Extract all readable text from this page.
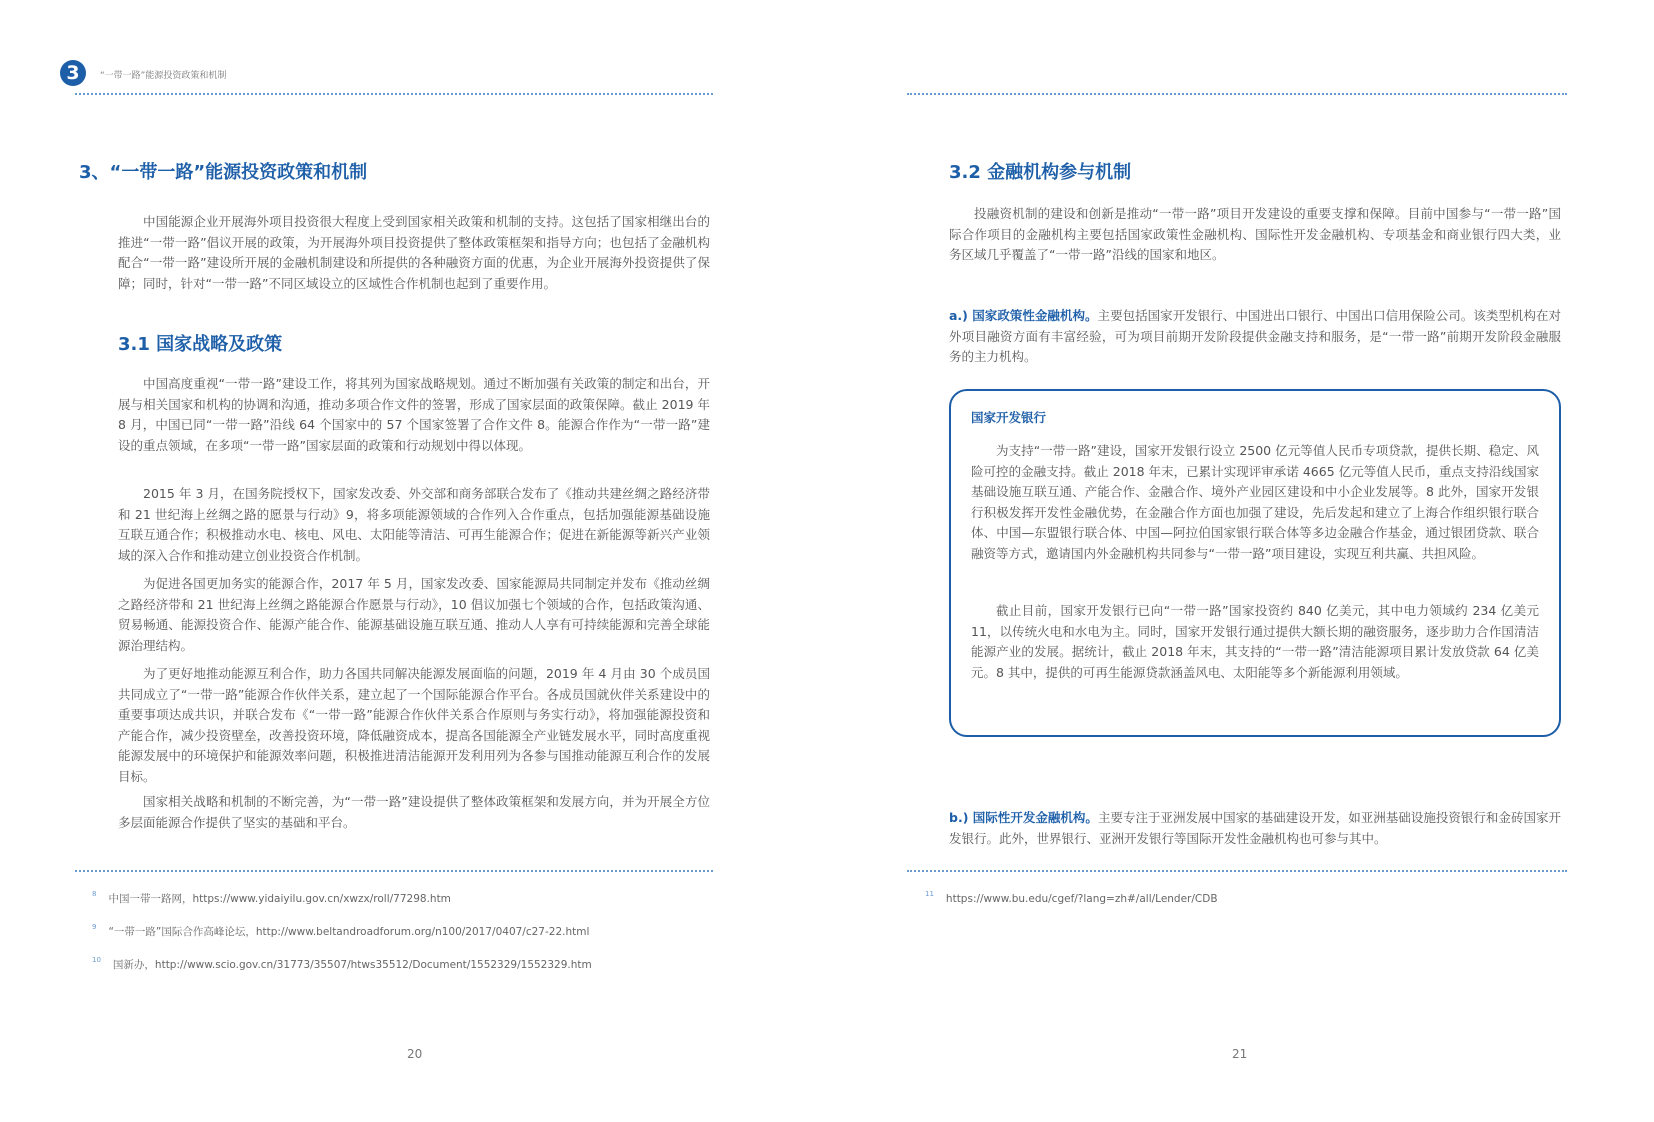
3	“一带一路”能源投资政策和机制
3、“一带一路”能源投资政策和机制

中国能源企业开展海外项目投资很大程度上受到国家相关政策和机制的支持。这包括了国家相继出台的推进“一带一路”倡议开展的政策，为开展海外项目投资提供了整体政策框架和指导方向；也包括了金融机构配合“一带一路”建设所开展的金融机制建设和所提供的各种融资方面的优惠，为企业开展海外投资提供了保障；同时，针对“一带一路”不同区域设立的区域性合作机制也起到了重要作用。

3.1 国家战略及政策

中国高度重视“一带一路”建设工作，将其列为国家战略规划。通过不断加强有关政策的制定和出台，开展与相关国家和机构的协调和沟通，推动多项合作文件的签署，形成了国家层面的政策保障。截止 2019 年 8 月，中国已同“一带一路”沿线 64 个国家中的 57 个国家签署了合作文件 8。能源合作作为“一带一路”建设的重点领域，在多项“一带一路”国家层面的政策和行动规划中得以体现。

2015 年 3 月，在国务院授权下，国家发改委、外交部和商务部联合发布了《推动共建丝绸之路经济带和 21 世纪海上丝绸之路的愿景与行动》9，将多项能源领域的合作列入合作重点，包括加强能源基础设施互联互通合作；积极推动水电、核电、风电、太阳能等清洁、可再生能源合作；促进在新能源等新兴产业领域的深入合作和推动建立创业投资合作机制。

为促进各国更加务实的能源合作，2017 年 5 月，国家发改委、国家能源局共同制定并发布《推动丝绸之路经济带和 21 世纪海上丝绸之路能源合作愿景与行动》，10 倡议加强七个领域的合作，包括政策沟通、贸易畅通、能源投资合作、能源产能合作、能源基础设施互联互通、推动人人享有可持续能源和完善全球能源治理结构。

为了更好地推动能源互利合作，助力各国共同解决能源发展面临的问题，2019 年 4 月由 30 个成员国共同成立了“一带一路”能源合作伙伴关系，建立起了一个国际能源合作平台。各成员国就伙伴关系建设中的重要事项达成共识，并联合发布《“一带一路”能源合作伙伴关系合作原则与务实行动》，将加强能源投资和产能合作，减少投资壁垒，改善投资环境，降低融资成本，提高各国能源全产业链发展水平，同时高度重视能源发展中的环境保护和能源效率问题，积极推进清洁能源开发利用列为各参与国推动能源互利合作的发展目标。

国家相关战略和机制的不断完善，为“一带一路”建设提供了整体政策框架和发展方向，并为开展全方位多层面能源合作提供了坚实的基础和平台。

$^8$ 中国一带一路网，https://www.yidaiyilu.gov.cn/xwzx/roll/77298.htm
$^9$ “一带一路”国际合作高峰论坛，http://www.beltandroadforum.org/n100/2017/0407/c27-22.html
$^{10}$ 国新办，http://www.scio.gov.cn/31773/35507/htws35512/Document/1552329/1552329.htm
20
3.2 金融机构参与机制

投融资机制的建设和创新是推动“一带一路”项目开发建设的重要支撑和保障。目前中国参与“一带一路”国际合作项目的金融机构主要包括国家政策性金融机构、国际性开发金融机构、专项基金和商业银行四大类，业务区域几乎覆盖了“一带一路”沿线的国家和地区。

a.) 国家政策性金融机构。主要包括国家开发银行、中国进出口银行、中国出口信用保险公司。该类型机构在对外项目融资方面有丰富经验，可为项目前期开发阶段提供金融支持和服务，是“一带一路”前期开发阶段金融服务的主力机构。

国家开发银行

为支持“一带一路”建设，国家开发银行设立 2500 亿元等值人民币专项贷款，提供长期、稳定、风险可控的金融支持。截止 2018 年末，已累计实现评审承诺 4665 亿元等值人民币，重点支持沿线国家基础设施互联互通、产能合作、金融合作、境外产业园区建设和中小企业发展等。8 此外，国家开发银行积极发挥开发性金融优势，在金融合作方面也加强了建设，先后发起和建立了上海合作组织银行联合体、中国—东盟银行联合体、中国—阿拉伯国家银行联合体等多边金融合作基金，通过银团贷款、联合融资等方式，邀请国内外金融机构共同参与“一带一路”项目建设，实现互利共赢、共担风险。

截止目前，国家开发银行已向“一带一路”国家投资约 840 亿美元，其中电力领域约 234 亿美元 11，以传统火电和水电为主。同时，国家开发银行通过提供大额长期的融资服务，逐步助力合作国清洁能源产业的发展。据统计，截止 2018 年末，其支持的“一带一路”清洁能源项目累计发放贷款 64 亿美元。8 其中，提供的可再生能源贷款涵盖风电、太阳能等多个新能源利用领域。

b.) 国际性开发金融机构。主要专注于亚洲发展中国家的基础建设开发，如亚洲基础设施投资银行和金砖国家开发银行。此外，世界银行、亚洲开发银行等国际开发性金融机构也可参与其中。

$^{11}$ https://www.bu.edu/cgef/?lang=zh#/all/Lender/CDB
21
